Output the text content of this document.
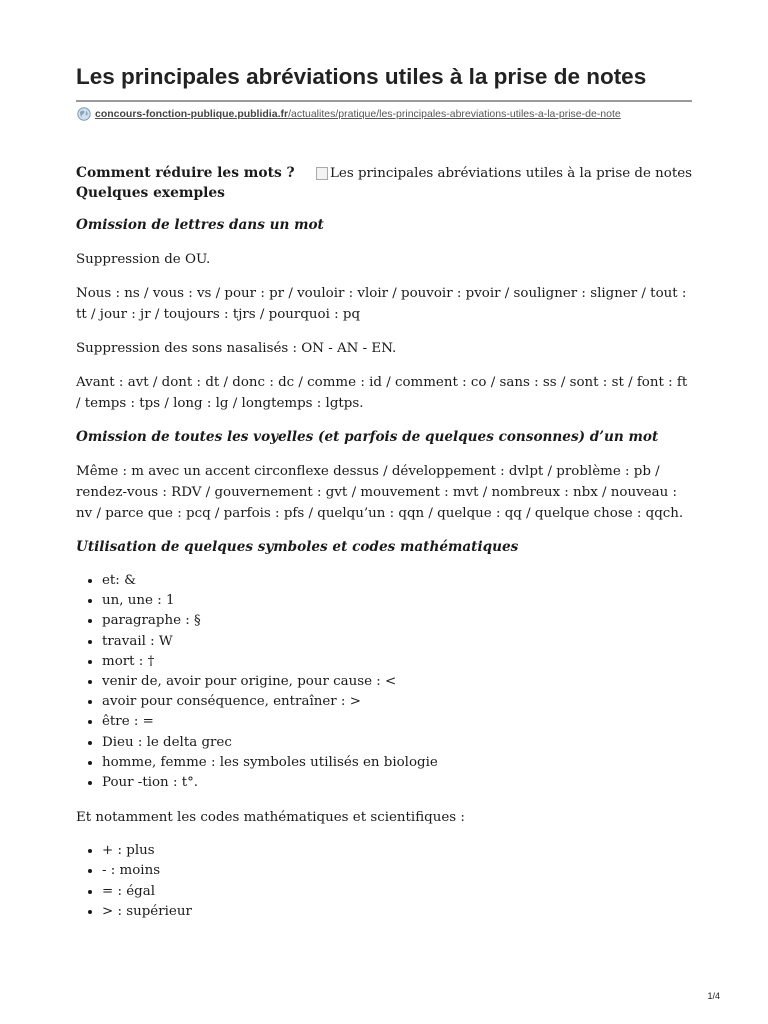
Les principales abréviations utiles à la prise de notes
concours-fonction-publique.publidia.fr/actualites/pratique/les-principales-abreviations-utiles-a-la-prise-de-note

Comment réduire les mots ? Quelques exemples

Les principales abréviations utiles à la prise de notes
Omission de lettres dans un mot

Suppression de OU.

Nous : ns / vous : vs / pour : pr / vouloir : vloir / pouvoir : pvoir / souligner : sligner / tout : tt / jour : jr / toujours : tjrs / pourquoi : pq

Suppression des sons nasalisés : ON - AN - EN.

Avant : avt / dont : dt / donc : dc / comme : id / comment : co / sans : ss / sont : st / font : ft / temps : tps / long : lg / longtemps : lgtps.

Omission de toutes les voyelles (et parfois de quelques consonnes) d’un mot

Même : m avec un accent circonflexe dessus / développement : dvlpt / problème : pb / rendez-vous : RDV / gouvernement : gvt / mouvement : mvt / nombreux : nbx / nouveau : nv / parce que : pcq / parfois : pfs / quelqu’un : qqn / quelque : qq / quelque chose : qqch.

Utilisation de quelques symboles et codes mathématiques
• et: &
• un, une : 1
• paragraphe : §
• travail : W
• mort : †
• venir de, avoir pour origine, pour cause : <
• avoir pour conséquence, entraîner : >
• être : =
• Dieu : le delta grec
• homme, femme : les symboles utilisés en biologie
• Pour -tion : t°.

Et notamment les codes mathématiques et scientifiques :

• + : plus
• - : moins
• = : égal
• > : supérieur
1/4
